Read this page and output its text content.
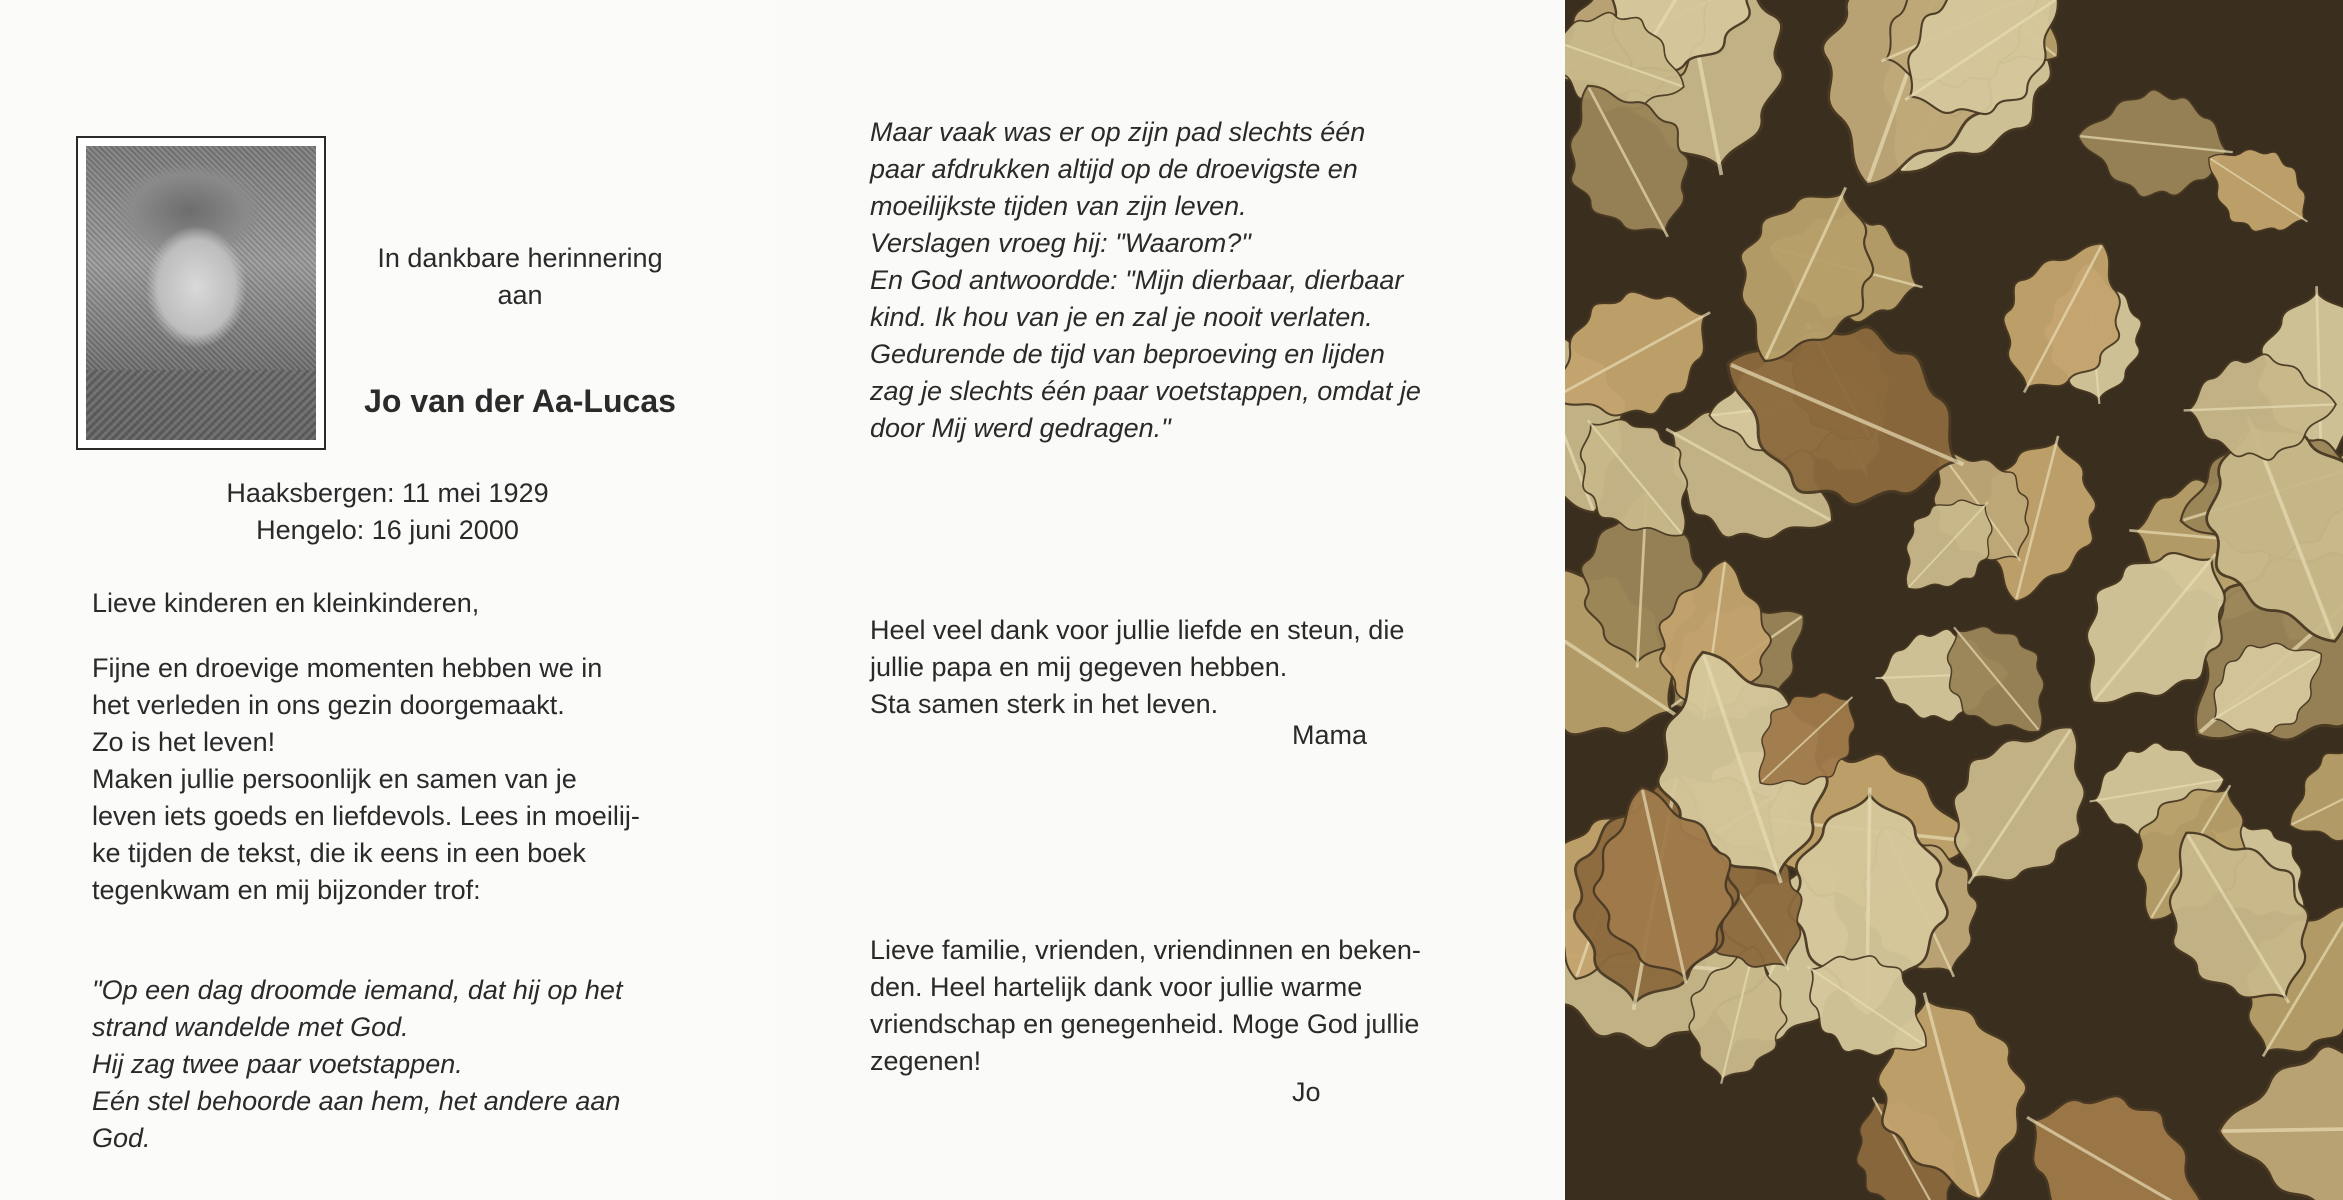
In dankbare herinnering
aan
Jo van der Aa-Lucas
Haaksbergen: 11 mei 1929
Hengelo: 16 juni 2000
Lieve kinderen en kleinkinderen,
Fijne en droevige momenten hebben we in
het verleden in ons gezin doorgemaakt.
Zo is het leven!
Maken jullie persoonlijk en samen van je
leven iets goeds en liefdevols. Lees in moeilij-
ke tijden de tekst, die ik eens in een boek
tegenkwam en mij bijzonder trof:
"Op een dag droomde iemand, dat hij op het
strand wandelde met God.
Hij zag twee paar voetstappen.
Eén stel behoorde aan hem, het andere aan
God.
Maar vaak was er op zijn pad slechts één
paar afdrukken altijd op de droevigste en
moeilijkste tijden van zijn leven.
Verslagen vroeg hij: "Waarom?"
En God antwoordde: "Mijn dierbaar, dierbaar
kind. Ik hou van je en zal je nooit verlaten.
Gedurende de tijd van beproeving en lijden
zag je slechts één paar voetstappen, omdat je
door Mij werd gedragen."
Heel veel dank voor jullie liefde en steun, die
jullie papa en mij gegeven hebben.
Sta samen sterk in het leven.
Mama
Lieve familie, vrienden, vriendinnen en beken-
den. Heel hartelijk dank voor jullie warme
vriendschap en genegenheid. Moge God jullie
zegenen!
Jo
